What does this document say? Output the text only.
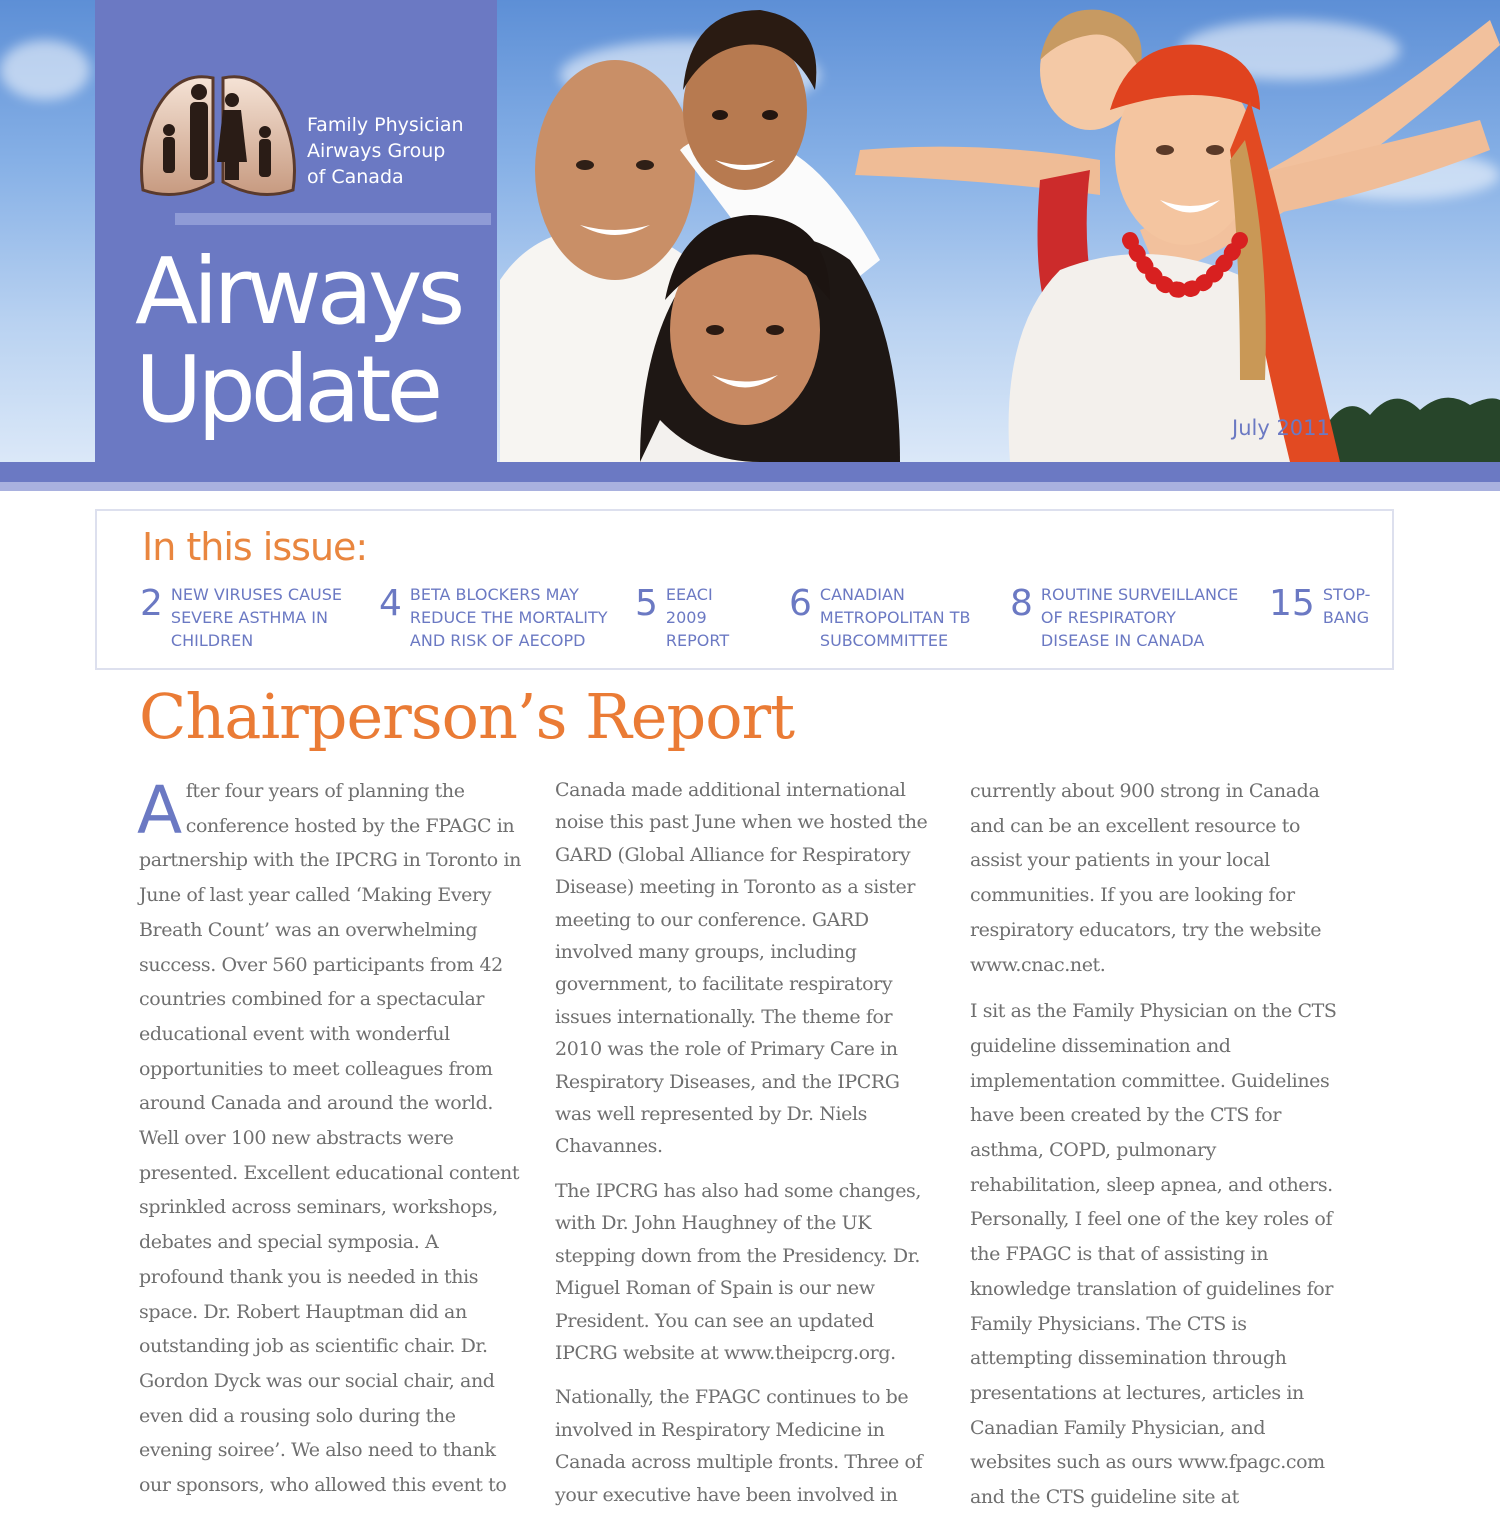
Family Physician
Airways Group
of Canada
Airways
Update	July 2011
In this issue:
2 NEW VIRUSES CAUSE SEVERE ASTHMA IN CHILDREN
4 BETA BLOCKERS MAY REDUCE THE MORTALITY AND RISK OF AECOPD
5 EEACI 2009 REPORT
6 CANADIAN METROPOLITAN TB SUBCOMMITTEE
8 ROUTINE SURVEILLANCE OF RESPIRATORY DISEASE IN CANADA
15 STOP-BANG
Chairperson’s Report

After four years of planning the conference hosted by the FPAGC in partnership with the IPCRG in Toronto in June of last year called ‘Making Every Breath Count’ was an overwhelming success. Over 560 participants from 42 countries combined for a spectacular educational event with wonderful opportunities to meet colleagues from around Canada and around the world. Well over 100 new abstracts were presented. Excellent educational content sprinkled across seminars, workshops, debates and special symposia. A profound thank you is needed in this space. Dr. Robert Hauptman did an outstanding job as scientific chair. Dr. Gordon Dyck was our social chair, and even did a rousing solo during the evening soiree’. We also need to thank our sponsors, who allowed this event to

Canada made additional international noise this past June when we hosted the GARD (Global Alliance for Respiratory Disease) meeting in Toronto as a sister meeting to our conference. GARD involved many groups, including government, to facilitate respiratory issues internationally. The theme for 2010 was the role of Primary Care in Respiratory Diseases, and the IPCRG was well represented by Dr. Niels Chavannes.

The IPCRG has also had some changes, with Dr. John Haughney of the UK stepping down from the Presidency. Dr. Miguel Roman of Spain is our new President. You can see an updated IPCRG website at www.theipcrg.org.

Nationally, the FPAGC continues to be involved in Respiratory Medicine in Canada across multiple fronts. Three of your executive have been involved in

currently about 900 strong in Canada and can be an excellent resource to assist your patients in your local communities. If you are looking for respiratory educators, try the website www.cnac.net.

I sit as the Family Physician on the CTS guideline dissemination and implementation committee. Guidelines have been created by the CTS for asthma, COPD, pulmonary rehabilitation, sleep apnea, and others. Personally, I feel one of the key roles of the FPAGC is that of assisting in knowledge translation of guidelines for Family Physicians. The CTS is attempting dissemination through presentations at lectures, articles in Canadian Family Physician, and websites such as ours www.fpagc.com and the CTS guideline site at
